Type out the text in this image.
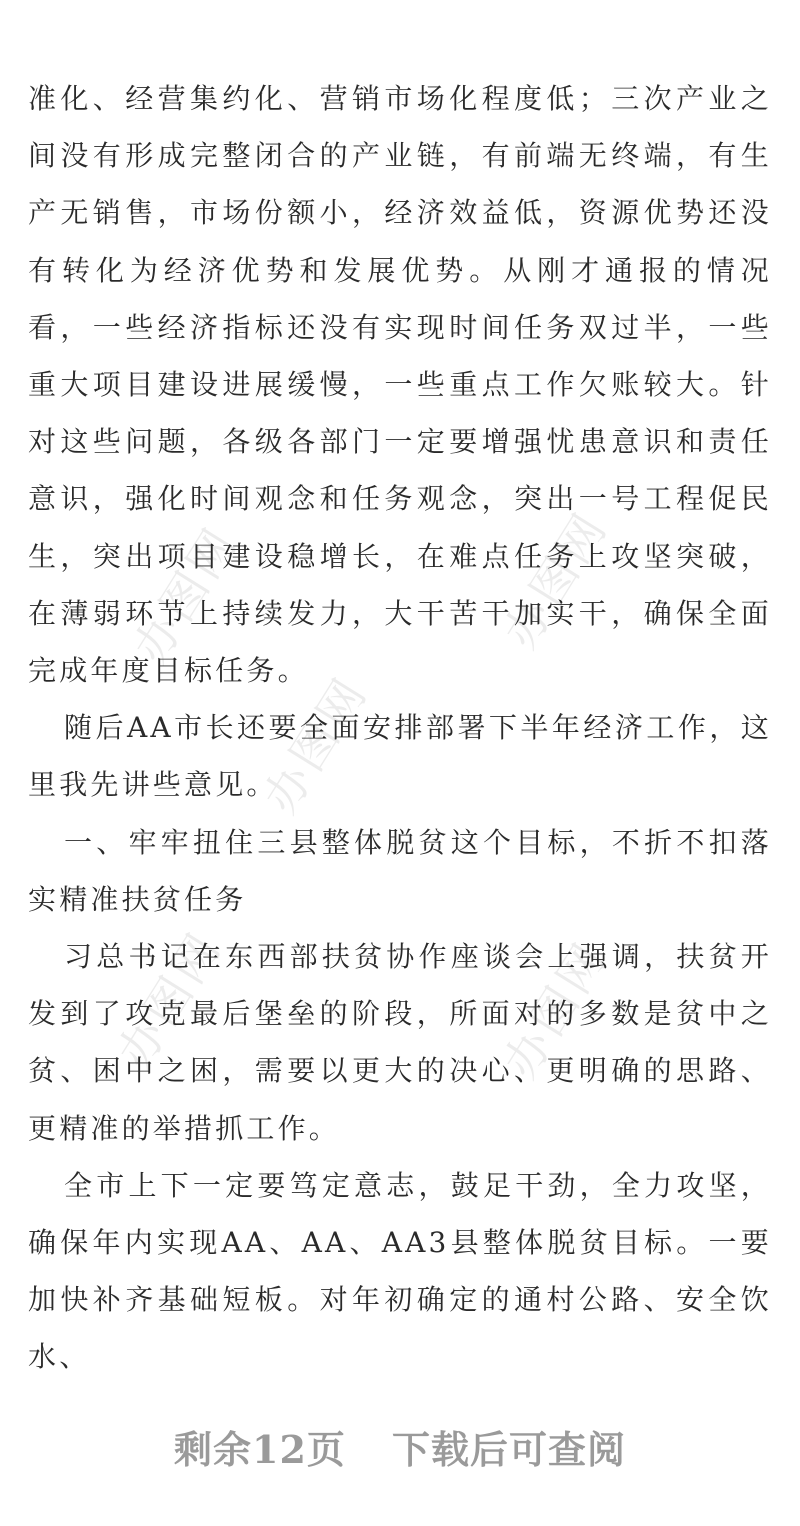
办图网	办图网
办图网
办图网	办图网

准化、经营集约化、营销市场化程度低；三次产业之间没有形成完整闭合的产业链，有前端无终端，有生产无销售，市场份额小，经济效益低，资源优势还没有转化为经济优势和发展优势。从刚才通报的情况看，一些经济指标还没有实现时间任务双过半，一些重大项目建设进展缓慢，一些重点工作欠账较大。针对这些问题，各级各部门一定要增强忧患意识和责任意识，强化时间观念和任务观念，突出一号工程促民生，突出项目建设稳增长，在难点任务上攻坚突破，在薄弱环节上持续发力，大干苦干加实干，确保全面完成年度目标任务。

随后AA市长还要全面安排部署下半年经济工作，这里我先讲些意见。

一、牢牢扭住三县整体脱贫这个目标，不折不扣落实精准扶贫任务

习总书记在东西部扶贫协作座谈会上强调，扶贫开发到了攻克最后堡垒的阶段，所面对的多数是贫中之贫、困中之困，需要以更大的决心、更明确的思路、更精准的举措抓工作。

全市上下一定要笃定意志，鼓足干劲，全力攻坚，确保年内实现AA、AA、AA3县整体脱贫目标。一要加快补齐基础短板。对年初确定的通村公路、安全饮水、

剩余12页 下载后可查阅
